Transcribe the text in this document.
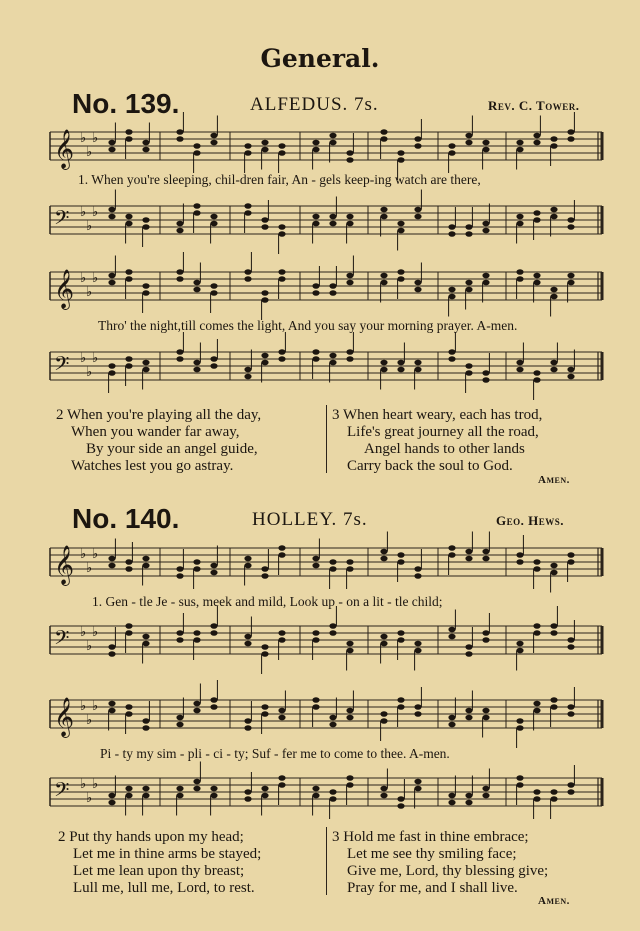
General.
No. 139.	ALFEDUS. 7s.	Rev. C. Tower.
𝄞 ♭
♭
♭
1. When you're sleeping, chil-dren fair, An - gels keep-ing watch are there,
𝄢 ♭
♭
♭
𝄞 ♭
♭
♭
Thro' the night,till comes the light, And you say your morning prayer. A-men.
𝄢 ♭
♭
♭
2 When you're playing all the day,
When you wander far away,
By your side an angel guide,
Watches lest you go astray.
3 When heart weary, each has trod,
Life's great journey all the road,
Angel hands to other lands
Carry back the soul to God.
Amen.
No. 140.	HOLLEY. 7s.	Geo. Hews.
𝄞 ♭
♭
♭
1. Gen - tle Je - sus, meek and mild, Look up - on a lit - tle child;
𝄢 ♭
♭
♭
𝄞 ♭
♭
♭
Pi - ty my sim - pli - ci - ty; Suf - fer me to come to thee. A-men.
𝄢 ♭
♭
♭
2 Put thy hands upon my head;
Let me in thine arms be stayed;
Let me lean upon thy breast;
Lull me, lull me, Lord, to rest.
3 Hold me fast in thine embrace;
Let me see thy smiling face;
Give me, Lord, thy blessing give;
Pray for me, and I shall live.
Amen.
